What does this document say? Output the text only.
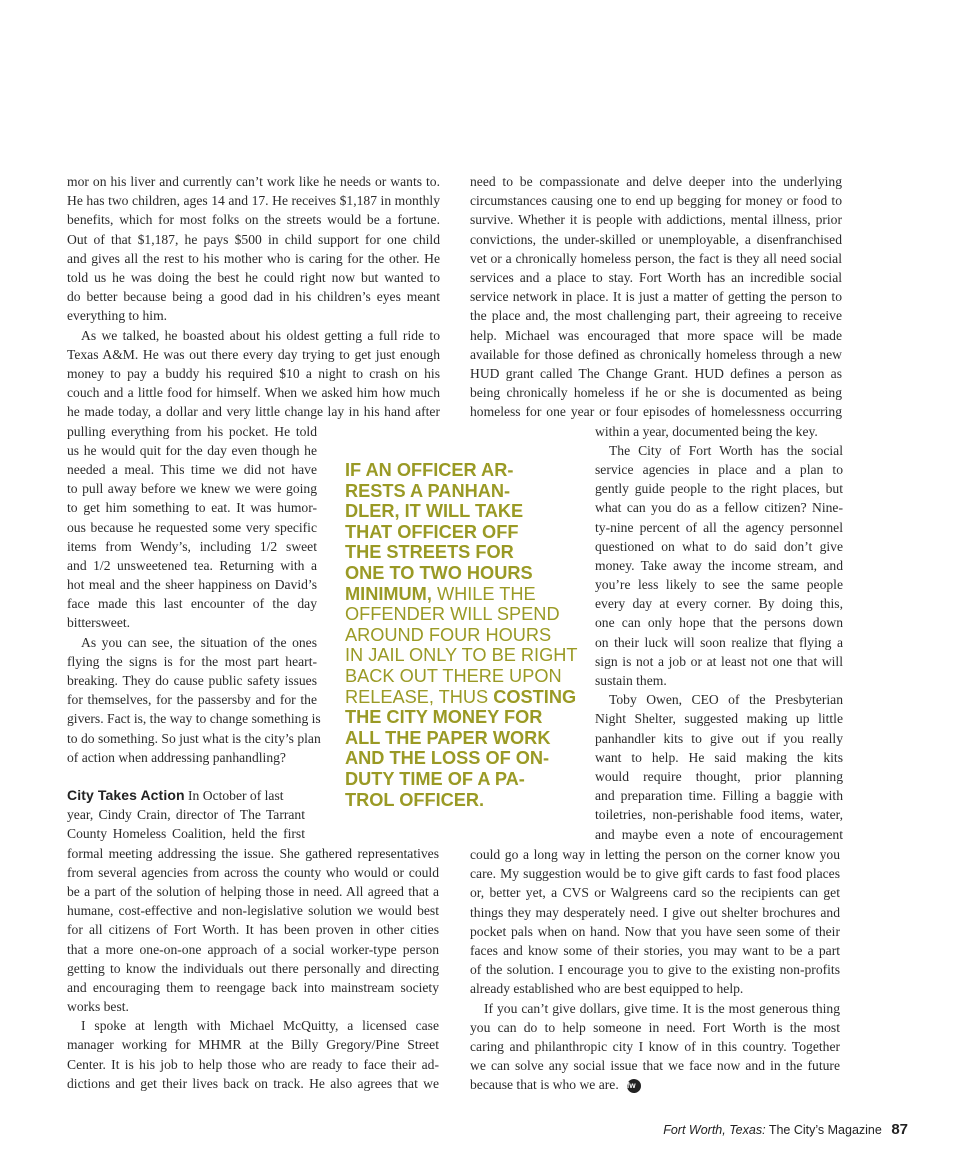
mor on his liver and currently can’t work like he needs or wants to.
He has two children, ages 14 and 17. He receives $1,187 in monthly
benefits, which for most folks on the streets would be a fortune.
Out of that $1,187, he pays $500 in child support for one child
and gives all the rest to his mother who is caring for the other. He
told us he was doing the best he could right now but wanted to
do better because being a good dad in his children’s eyes meant
everything to him.
As we talked, he boasted about his oldest getting a full ride to
Texas A&M. He was out there every day trying to get just enough
money to pay a buddy his required $10 a night to crash on his
couch and a little food for himself. When we asked him how much
he made today, a dollar and very little change lay in his hand after
pulling everything from his pocket. He told
us he would quit for the day even though he
needed a meal. This time we did not have
to pull away before we knew we were going
to get him something to eat. It was humor-
ous because he requested some very specific
items from Wendy’s, including 1/2 sweet
and 1/2 unsweetened tea. Returning with a
hot meal and the sheer happiness on David’s
face made this last encounter of the day
bittersweet.
As you can see, the situation of the ones
flying the signs is for the most part heart-
breaking. They do cause public safety issues
for themselves, for the passersby and for the
givers. Fact is, the way to change something is
to do something. So just what is the city’s plan
of action when addressing panhandling?
City Takes Action In October of last
year, Cindy Crain, director of The Tarrant
County Homeless Coalition, held the first
formal meeting addressing the issue. She gathered representatives
from several agencies from across the county who would or could
be a part of the solution of helping those in need. All agreed that a
humane, cost-effective and non-legislative solution we would best
for all citizens of Fort Worth. It has been proven in other cities
that a more one-on-one approach of a social worker-type person
getting to know the individuals out there personally and directing
and encouraging them to reengage back into mainstream society
works best.
I spoke at length with Michael McQuitty, a licensed case
manager working for MHMR at the Billy Gregory/Pine Street
Center. It is his job to help those who are ready to face their ad-
dictions and get their lives back on track. He also agrees that we
IF AN OFFICER AR-
RESTS A PANHAN-
DLER, IT WILL TAKE
THAT OFFICER OFF
THE STREETS FOR
ONE TO TWO HOURS
MINIMUM, WHILE THE
OFFENDER WILL SPEND
AROUND FOUR HOURS
IN JAIL ONLY TO BE RIGHT
BACK OUT THERE UPON
RELEASE, THUS COSTING
THE CITY MONEY FOR
ALL THE PAPER WORK
AND THE LOSS OF ON-
DUTY TIME OF A PA-
TROL OFFICER.
need to be compassionate and delve deeper into the underlying
circumstances causing one to end up begging for money or food to
survive. Whether it is people with addictions, mental illness, prior
convictions, the under-skilled or unemployable, a disenfranchised
vet or a chronically homeless person, the fact is they all need social
services and a place to stay. Fort Worth has an incredible social
service network in place. It is just a matter of getting the person to
the place and, the most challenging part, their agreeing to receive
help. Michael was encouraged that more space will be made
available for those defined as chronically homeless through a new
HUD grant called The Change Grant. HUD defines a person as
being chronically homeless if he or she is documented as being
homeless for one year or four episodes of homelessness occurring
within a year, documented being the key.
The City of Fort Worth has the social
service agencies in place and a plan to
gently guide people to the right places, but
what can you do as a fellow citizen? Nine-
ty-nine percent of all the agency personnel
questioned on what to do said don’t give
money. Take away the income stream, and
you’re less likely to see the same people
every day at every corner. By doing this,
one can only hope that the persons down
on their luck will soon realize that flying a
sign is not a job or at least not one that will
sustain them.
Toby Owen, CEO of the Presbyterian
Night Shelter, suggested making up little
panhandler kits to give out if you really
want to help. He said making the kits
would require thought, prior planning
and preparation time. Filling a baggie with
toiletries, non-perishable food items, water,
and maybe even a note of encouragement
could go a long way in letting the person on the corner know you
care. My suggestion would be to give gift cards to fast food places
or, better yet, a CVS or Walgreens card so the recipients can get
things they may desperately need. I give out shelter brochures and
pocket pals when on hand. Now that you have seen some of their
faces and know some of their stories, you may want to be a part
of the solution. I encourage you to give to the existing non-profits
already established who are best equipped to help.
If you can’t give dollars, give time. It is the most generous thing
you can do to help someone in need. Fort Worth is the most
caring and philanthropic city I know of in this country. Together
we can solve any social issue that we face now and in the future
because that is who we are. fw
Fort Worth, Texas: The City’s Magazine 87
